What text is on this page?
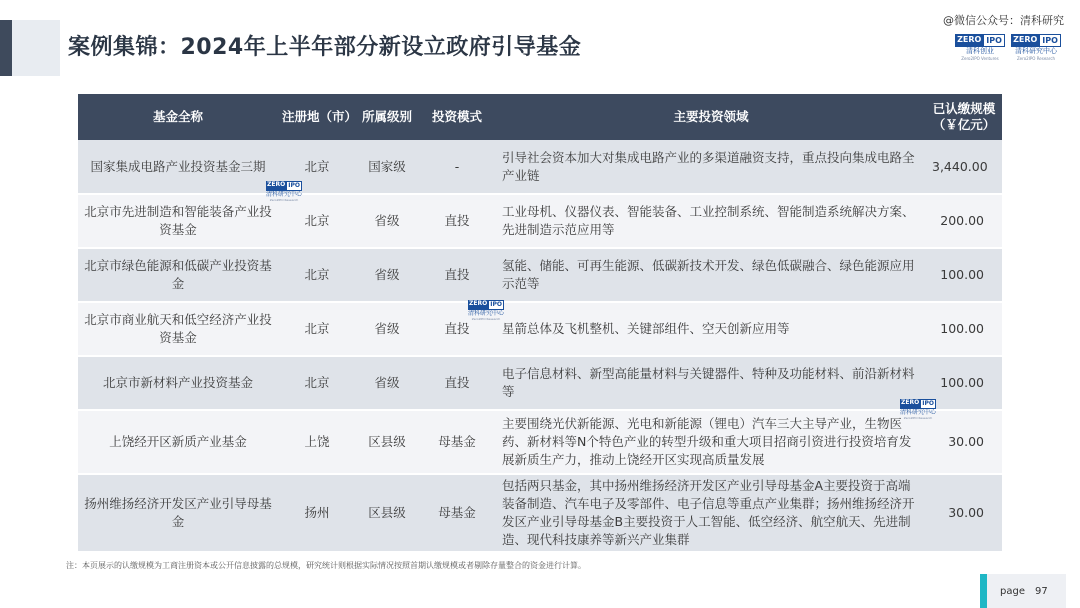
案例集锦：2024年上半年部分新设立政府引导基金
@微信公众号：清科研究
ZERO IPO
清科创业
Zero2IPO Ventures
ZERO IPO
清科研究中心
Zero2IPO Research
基金全称	注册地（市）	所属级别	投资模式	主要投资领域	已认缴规模（￥亿元）
国家集成电路产业投资基金三期	北京	国家级	-	引导社会资本加大对集成电路产业的多渠道融资支持，重点投向集成电路全产业链	3,440.00
北京市先进制造和智能装备产业投资基金	北京	省级	直投	工业母机、仪器仪表、智能装备、工业控制系统、智能制造系统解决方案、先进制造示范应用等	200.00
北京市绿色能源和低碳产业投资基金	北京	省级	直投	氢能、储能、可再生能源、低碳新技术开发、绿色低碳融合、绿色能源应用示范等	100.00
北京市商业航天和低空经济产业投资基金	北京	省级	直投	星箭总体及飞机整机、关键部组件、空天创新应用等	100.00
北京市新材料产业投资基金	北京	省级	直投	电子信息材料、新型高能量材料与关键器件、特种及功能材料、前沿新材料等	100.00
上饶经开区新质产业基金	上饶	区县级	母基金	主要围绕光伏新能源、光电和新能源（锂电）汽车三大主导产业，生物医药、新材料等N个特色产业的转型升级和重大项目招商引资进行投资培育发展新质生产力，推动上饶经开区实现高质量发展	30.00
扬州维扬经济开发区产业引导母基金	扬州	区县级	母基金	包括两只基金，其中扬州维扬经济开发区产业引导母基金A主要投资于高端装备制造、汽车电子及零部件、电子信息等重点产业集群；扬州维扬经济开发区产业引导母基金B主要投资于人工智能、低空经济、航空航天、先进制造、现代科技康养等新兴产业集群	30.00
ZERO IPO
清科研究中心
Zero2IPO Research
ZERO IPO
清科研究中心
Zero2IPO Research
ZERO IPO
清科研究中心
Zero2IPO Research
注：本页展示的认缴规模为工商注册资本或公开信息披露的总规模，研究统计则根据实际情况按照首期认缴规模或者剔除存量整合的资金进行计算。
page 97
